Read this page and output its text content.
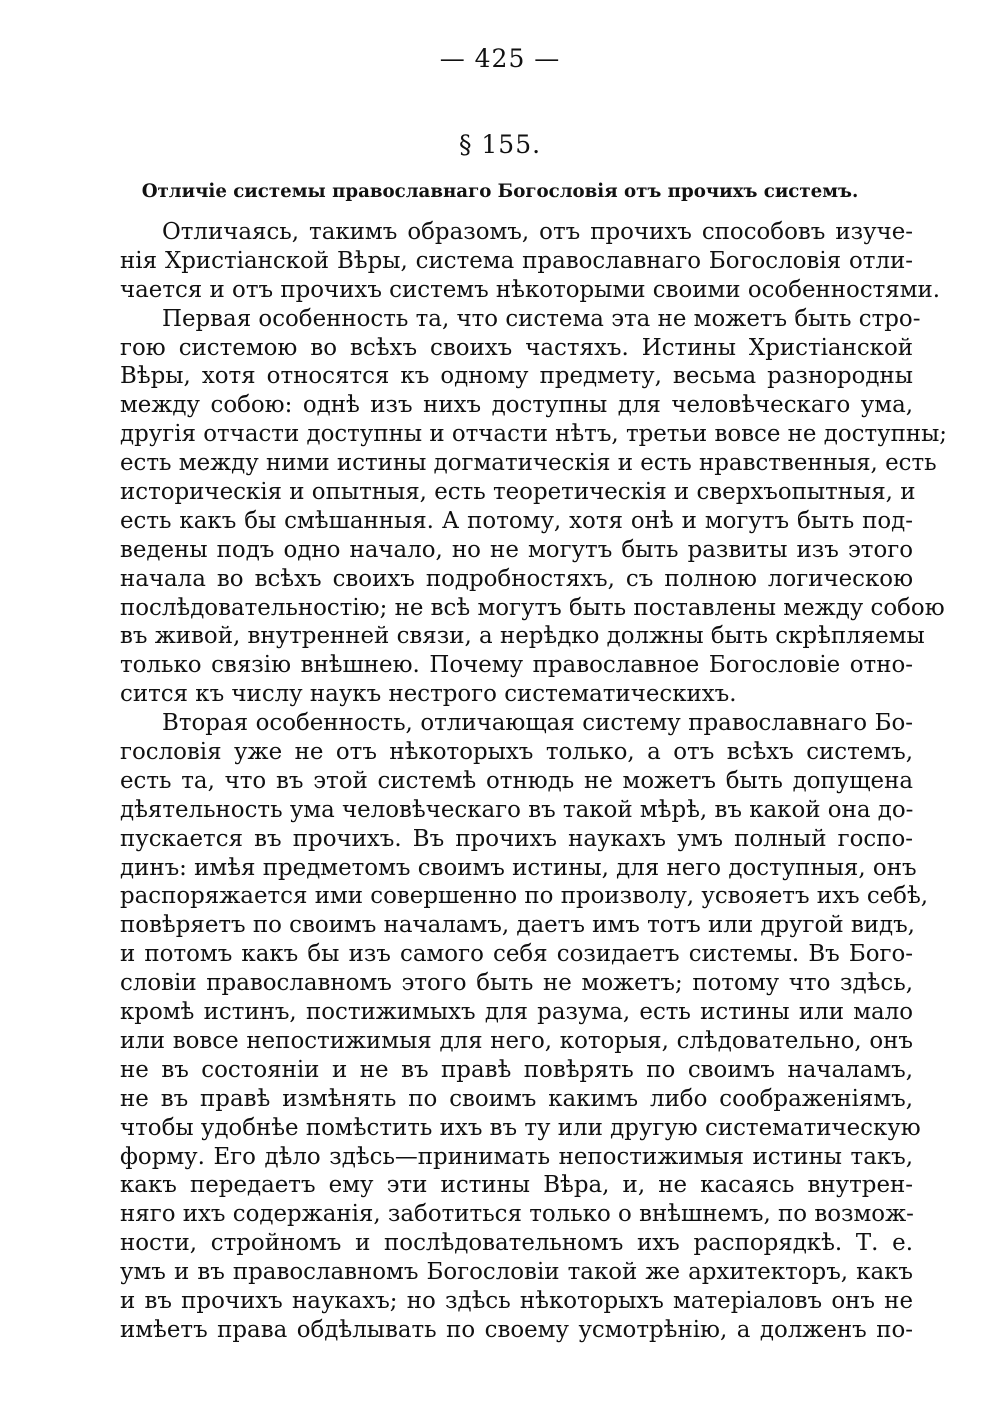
— 425 —
§ 155.
Отличіе системы православнаго Богословія отъ прочихъ системъ.
Отличаясь, такимъ образомъ, отъ прочихъ способовъ изуче-
нія Христіанской Вѣры, система православнаго Богословія отли-
чается и отъ прочихъ системъ нѣкоторыми своими особенностями.
Первая особенность та, что система эта не можетъ быть стро-
гою системою во всѣхъ своихъ частяхъ. Истины Христіанской
Вѣры, хотя относятся къ одному предмету, весьма разнородны
между собою: однѣ изъ нихъ доступны для человѣческаго ума,
другія отчасти доступны и отчасти нѣтъ, третьи вовсе не доступны;
есть между ними истины догматическія и есть нравственныя, есть
историческія и опытныя, есть теоретическія и сверхъопытныя, и
есть какъ бы смѣшанныя. А потому, хотя онѣ и могутъ быть под-
ведены подъ одно начало, но не могутъ быть развиты изъ этого
начала во всѣхъ своихъ подробностяхъ, съ полною логическою
послѣдовательностію; не всѣ могутъ быть поставлены между собою
въ живой, внутренней связи, а нерѣдко должны быть скрѣпляемы
только связію внѣшнею. Почему православное Богословіе отно-
сится къ числу наукъ нестрого систематическихъ.
Вторая особенность, отличающая систему православнаго Бо-
гословія уже не отъ нѣкоторыхъ только, а отъ всѣхъ системъ,
есть та, что въ этой системѣ отнюдь не можетъ быть допущена
дѣятельность ума человѣческаго въ такой мѣрѣ, въ какой она до-
пускается въ прочихъ. Въ прочихъ наукахъ умъ полный госпо-
динъ: имѣя предметомъ своимъ истины, для него доступныя, онъ
распоряжается ими совершенно по произволу, усвояетъ ихъ себѣ,
повѣряетъ по своимъ началамъ, даетъ имъ тотъ или другой видъ,
и потомъ какъ бы изъ самого себя созидаетъ системы. Въ Бого-
словіи православномъ этого быть не можетъ; потому что здѣсь,
кромѣ истинъ, постижимыхъ для разума, есть истины или мало
или вовсе непостижимыя для него, которыя, слѣдовательно, онъ
не въ состояніи и не въ правѣ повѣрять по своимъ началамъ,
не въ правѣ измѣнять по своимъ какимъ либо соображеніямъ,
чтобы удобнѣе помѣстить ихъ въ ту или другую систематическую
форму. Его дѣло здѣсь—принимать непостижимыя истины такъ,
какъ передаетъ ему эти истины Вѣра, и, не касаясь внутрен-
няго ихъ содержанія, заботиться только о внѣшнемъ, по возмож-
ности, стройномъ и послѣдовательномъ ихъ распорядкѣ. Т. е.
умъ и въ православномъ Богословіи такой же архитекторъ, какъ
и въ прочихъ наукахъ; но здѣсь нѣкоторыхъ матеріаловъ онъ не
имѣетъ права обдѣлывать по своему усмотрѣнію, а долженъ по-
